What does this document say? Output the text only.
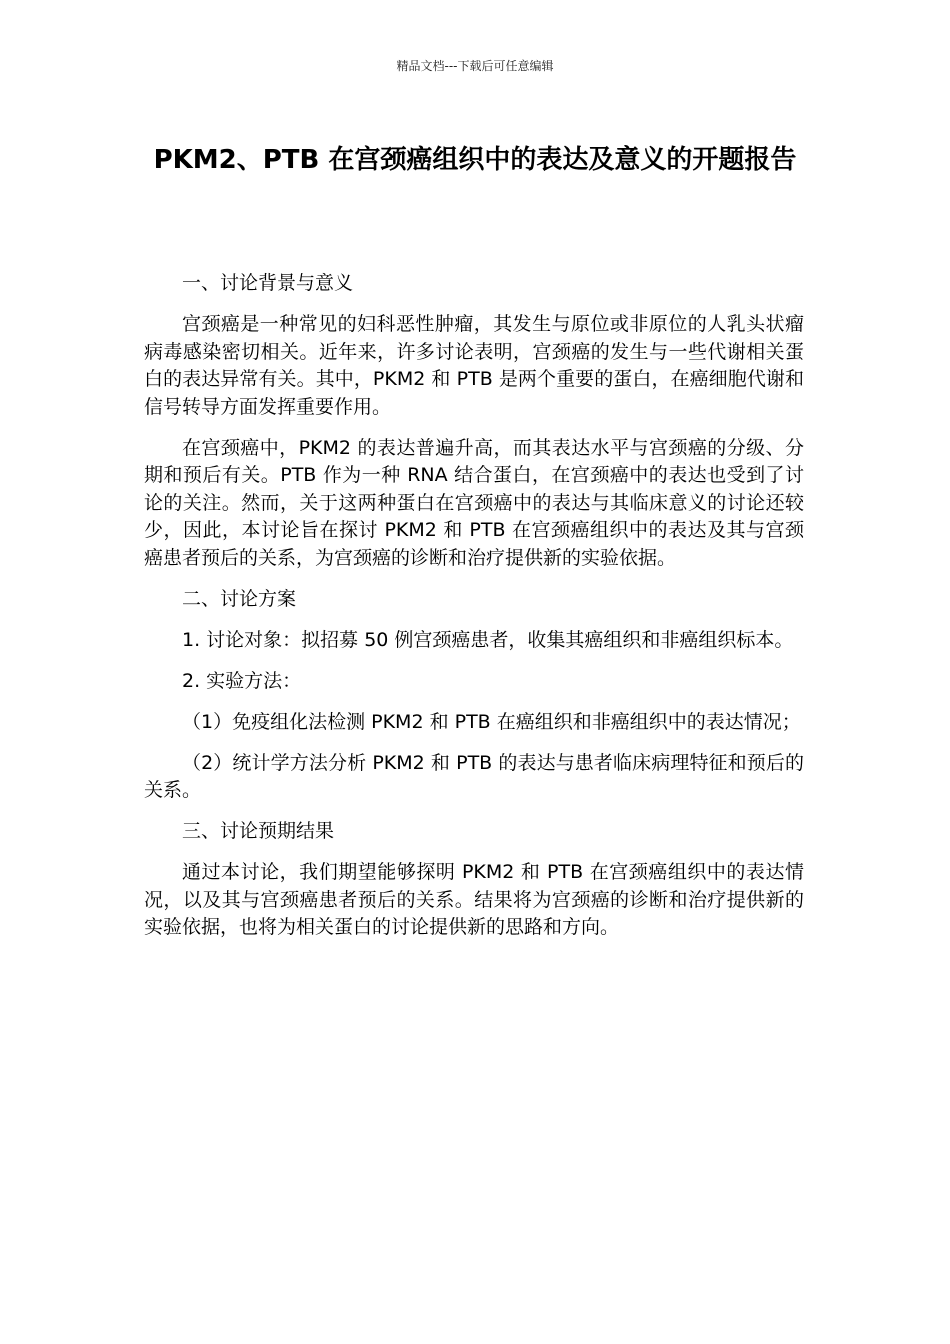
精品文档---下载后可任意编辑
PKM2、PTB 在宫颈癌组织中的表达及意义的开题报告

一、讨论背景与意义

宫颈癌是一种常见的妇科恶性肿瘤，其发生与原位或非原位的人乳头状瘤病毒感染密切相关。近年来，许多讨论表明，宫颈癌的发生与一些代谢相关蛋白的表达异常有关。其中，PKM2 和 PTB 是两个重要的蛋白，在癌细胞代谢和信号转导方面发挥重要作用。

在宫颈癌中，PKM2 的表达普遍升高，而其表达水平与宫颈癌的分级、分期和预后有关。PTB 作为一种 RNA 结合蛋白，在宫颈癌中的表达也受到了讨论的关注。然而，关于这两种蛋白在宫颈癌中的表达与其临床意义的讨论还较少，因此，本讨论旨在探讨 PKM2 和 PTB 在宫颈癌组织中的表达及其与宫颈癌患者预后的关系，为宫颈癌的诊断和治疗提供新的实验依据。

二、讨论方案

1. 讨论对象：拟招募 50 例宫颈癌患者，收集其癌组织和非癌组织标本。

2. 实验方法：

（1）免疫组化法检测 PKM2 和 PTB 在癌组织和非癌组织中的表达情况；

（2）统计学方法分析 PKM2 和 PTB 的表达与患者临床病理特征和预后的关系。

三、讨论预期结果

通过本讨论，我们期望能够探明 PKM2 和 PTB 在宫颈癌组织中的表达情况，以及其与宫颈癌患者预后的关系。结果将为宫颈癌的诊断和治疗提供新的实验依据，也将为相关蛋白的讨论提供新的思路和方向。
